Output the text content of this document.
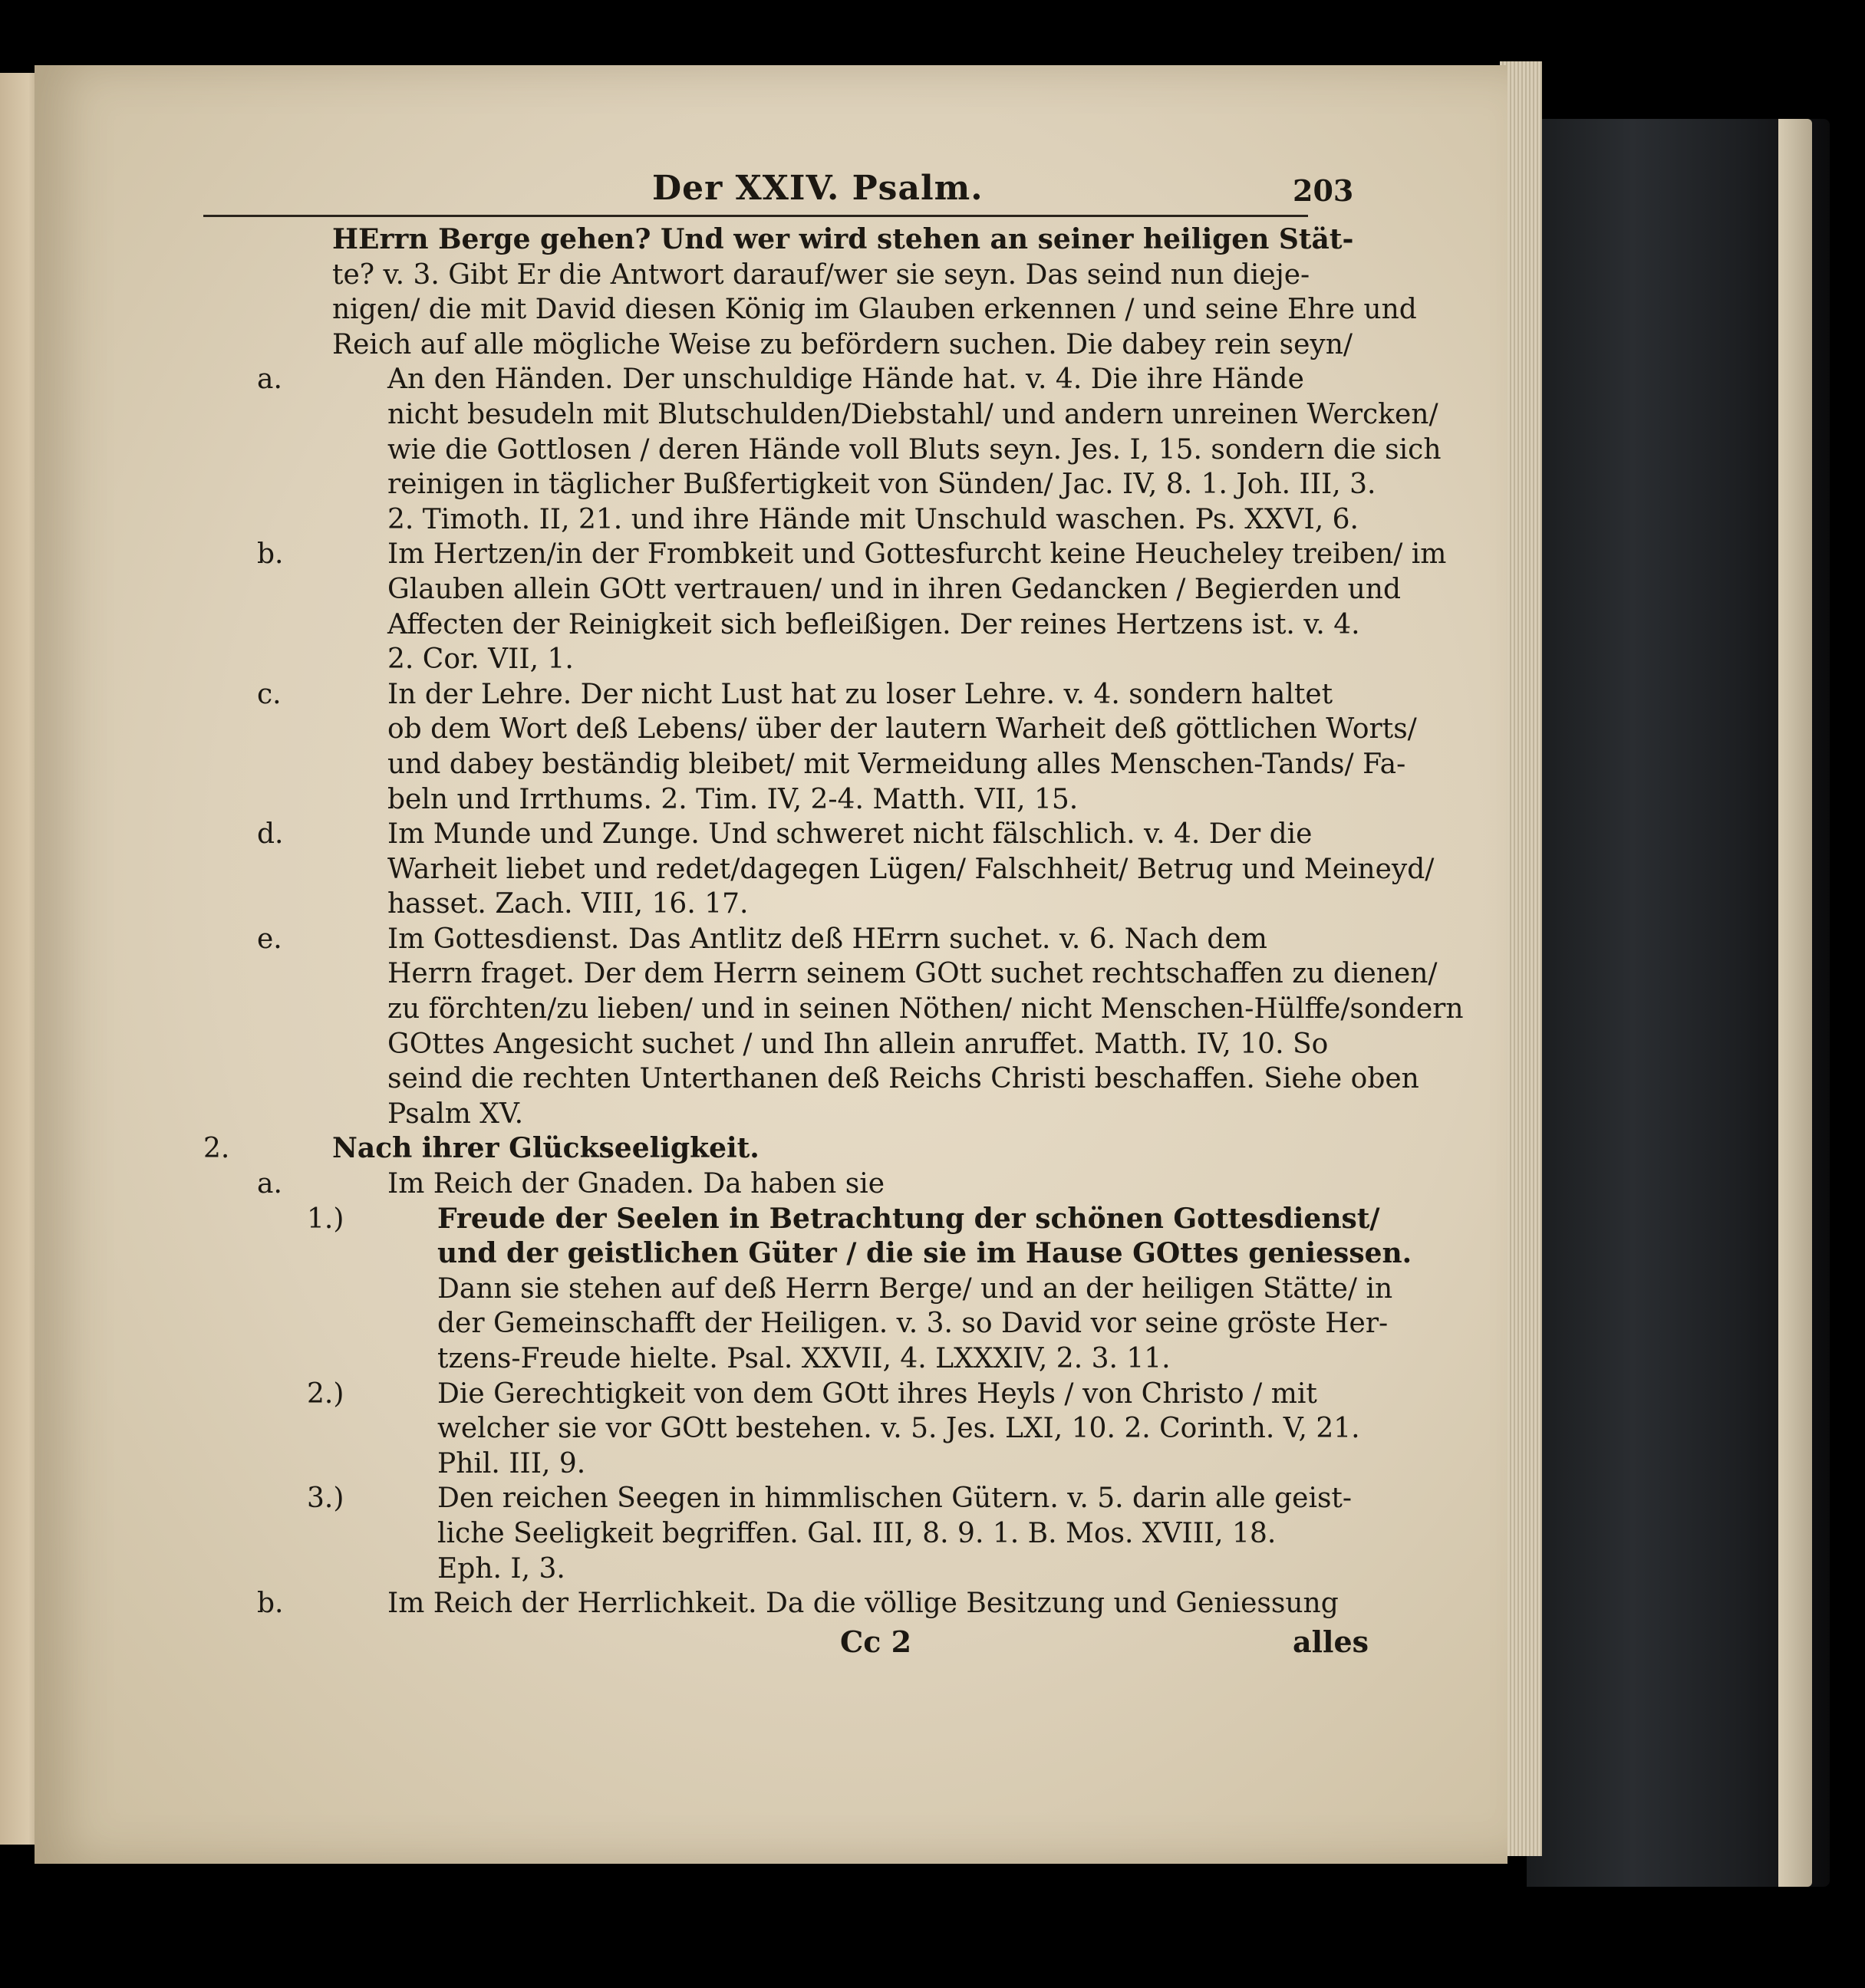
Der XXIV. Psalm.	203
HErrn Berge gehen? Und wer wird stehen an seiner heiligen Stät-
te? v. 3. Gibt Er die Antwort darauf/wer sie seyn. Das seind nun dieje-
nigen/ die mit David diesen König im Glauben erkennen / und seine Ehre und
Reich auf alle mögliche Weise zu befördern suchen. Die dabey rein seyn/
a.	An den Händen. Der unschuldige Hände hat. v. 4. Die ihre Hände
nicht besudeln mit Blutschulden/Diebstahl/ und andern unreinen Wercken/
wie die Gottlosen / deren Hände voll Bluts seyn. Jes. I, 15. sondern die sich
reinigen in täglicher Bußfertigkeit von Sünden/ Jac. IV, 8. 1. Joh. III, 3.
2. Timoth. II, 21. und ihre Hände mit Unschuld waschen. Ps. XXVI, 6.
b.	Im Hertzen/in der Frombkeit und Gottesfurcht keine Heucheley treiben/ im
Glauben allein GOtt vertrauen/ und in ihren Gedancken / Begierden und
Affecten der Reinigkeit sich befleißigen. Der reines Hertzens ist. v. 4.
2. Cor. VII, 1.
c.	In der Lehre. Der nicht Lust hat zu loser Lehre. v. 4. sondern haltet
ob dem Wort deß Lebens/ über der lautern Warheit deß göttlichen Worts/
und dabey beständig bleibet/ mit Vermeidung alles Menschen-Tands/ Fa-
beln und Irrthums. 2. Tim. IV, 2-4. Matth. VII, 15.
d.	Im Munde und Zunge. Und schweret nicht fälschlich. v. 4. Der die
Warheit liebet und redet/dagegen Lügen/ Falschheit/ Betrug und Meineyd/
hasset. Zach. VIII, 16. 17.
e.	Im Gottesdienst. Das Antlitz deß HErrn suchet. v. 6. Nach dem
Herrn fraget. Der dem Herrn seinem GOtt suchet rechtschaffen zu dienen/
zu förchten/zu lieben/ und in seinen Nöthen/ nicht Menschen-Hülffe/sondern
GOttes Angesicht suchet / und Ihn allein anruffet. Matth. IV, 10. So
seind die rechten Unterthanen deß Reichs Christi beschaffen. Siehe oben
Psalm XV.
2.	Nach ihrer Glückseeligkeit.
a.	Im Reich der Gnaden. Da haben sie
1.)	Freude der Seelen in Betrachtung der schönen Gottesdienst/
und der geistlichen Güter / die sie im Hause GOttes geniessen.
Dann sie stehen auf deß Herrn Berge/ und an der heiligen Stätte/ in
der Gemeinschafft der Heiligen. v. 3. so David vor seine gröste Her-
tzens-Freude hielte. Psal. XXVII, 4. LXXXIV, 2. 3. 11.
2.)	Die Gerechtigkeit von dem GOtt ihres Heyls / von Christo / mit
welcher sie vor GOtt bestehen. v. 5. Jes. LXI, 10. 2. Corinth. V, 21.
Phil. III, 9.
3.)	Den reichen Seegen in himmlischen Gütern. v. 5. darin alle geist-
liche Seeligkeit begriffen. Gal. III, 8. 9. 1. B. Mos. XVIII, 18.
Eph. I, 3.
b.	Im Reich der Herrlichkeit. Da die völlige Besitzung und Geniessung
Cc 2	alles
